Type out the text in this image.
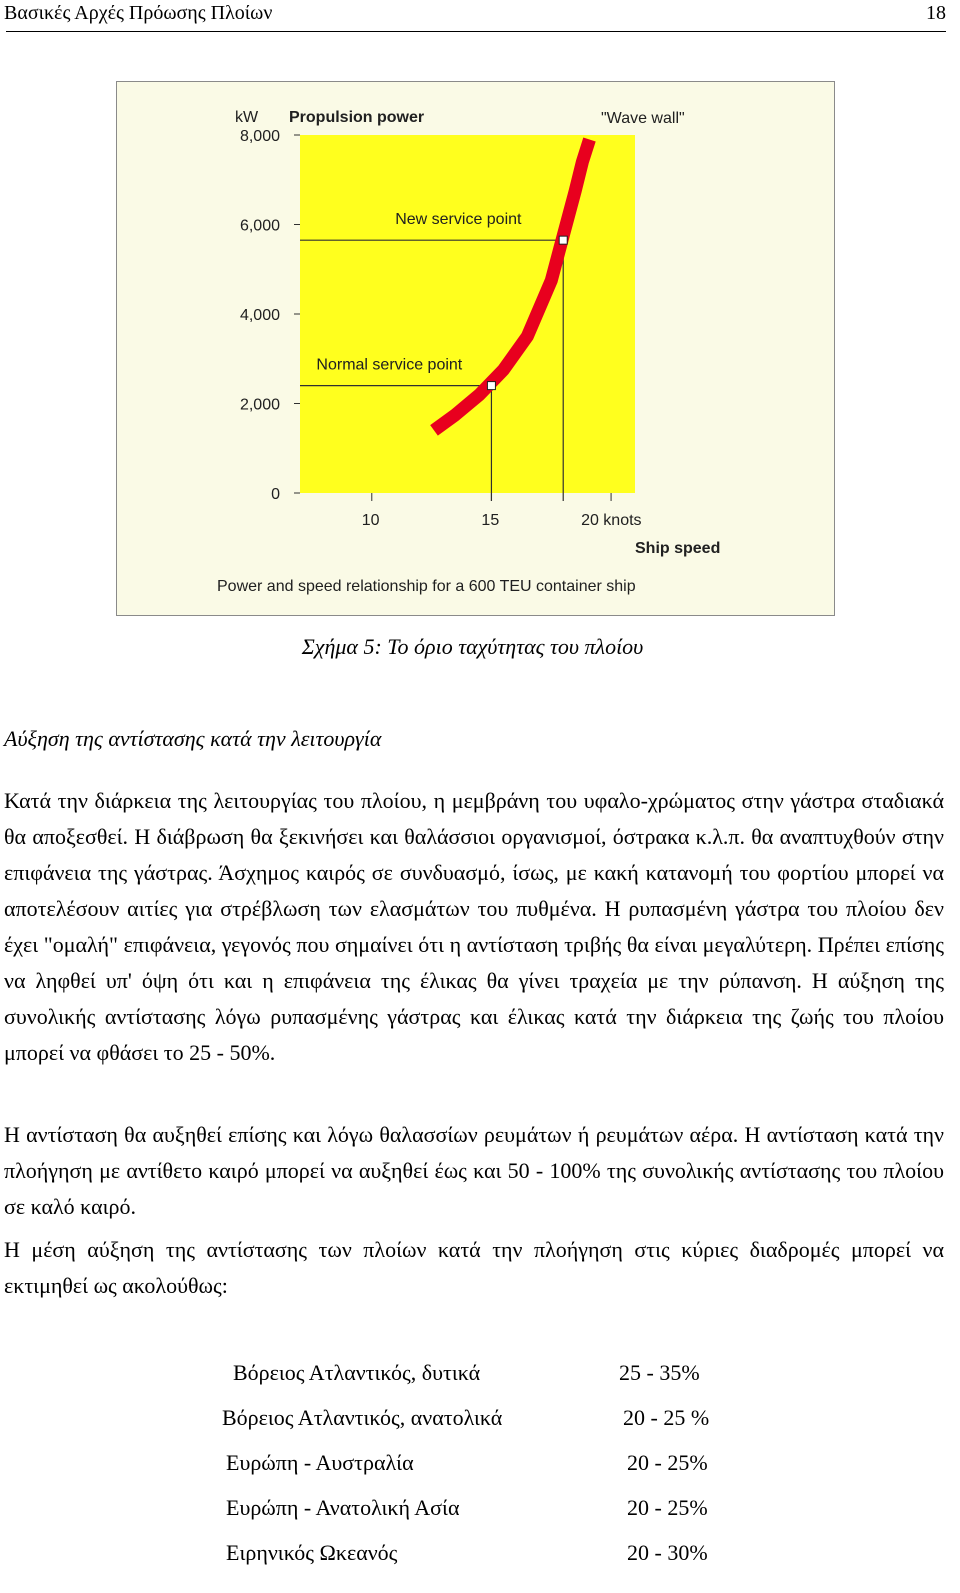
Βασικές Αρχές Πρόωσης Πλοίων	18
kW Propulsion power	"Wave wall"
Ship speed
Power and speed relationship for a 600 TEU container ship
0
2,000
4,000
6,000
8,000
10	15	20 knots
Normal service point
New service point
Σχήμα 5: Το όριο ταχύτητας του πλοίου
Αύξηση της αντίστασης κατά την λειτουργία

Κατά την διάρκεια της λειτουργίας του πλοίου, η μεμβράνη του υφαλο-χρώματος στην γάστρα σταδιακά θα αποξεσθεί. Η διάβρωση θα ξεκινήσει και θαλάσσιοι οργανισμοί, όστρακα κ.λ.π. θα αναπτυχθούν στην επιφάνεια της γάστρας. Άσχημος καιρός σε συνδυασμό, ίσως, με κακή κατανομή του φορτίου μπορεί να αποτελέσουν αιτίες για στρέβλωση των ελασμάτων του πυθμένα. Η ρυπασμένη γάστρα του πλοίου δεν έχει "ομαλή" επιφάνεια, γεγονός που σημαίνει ότι η αντίσταση τριβής θα είναι μεγαλύτερη. Πρέπει επίσης να ληφθεί υπ' όψη ότι και η επιφάνεια της έλικας θα γίνει τραχεία με την ρύπανση. Η αύξηση της συνολικής αντίστασης λόγω ρυπασμένης γάστρας και έλικας κατά την διάρκεια της ζωής του πλοίου μπορεί να φθάσει το 25 - 50%.

Η αντίσταση θα αυξηθεί επίσης και λόγω θαλασσίων ρευμάτων ή ρευμάτων αέρα. Η αντίσταση κατά την πλοήγηση με αντίθετο καιρό μπορεί να αυξηθεί έως και 50 - 100% της συνολικής αντίστασης του πλοίου σε καλό καιρό.

Η μέση αύξηση της αντίστασης των πλοίων κατά την πλοήγηση στις κύριες διαδρομές μπορεί να εκτιμηθεί ως ακολούθως:

Βόρειος Ατλαντικός, δυτικά	25 - 35%
Βόρειος Ατλαντικός, ανατολικά	20 - 25 %
Ευρώπη - Αυστραλία	20 - 25%
Ευρώπη - Ανατολική Ασία	20 - 25%
Ειρηνικός Ωκεανός	20 - 30%
